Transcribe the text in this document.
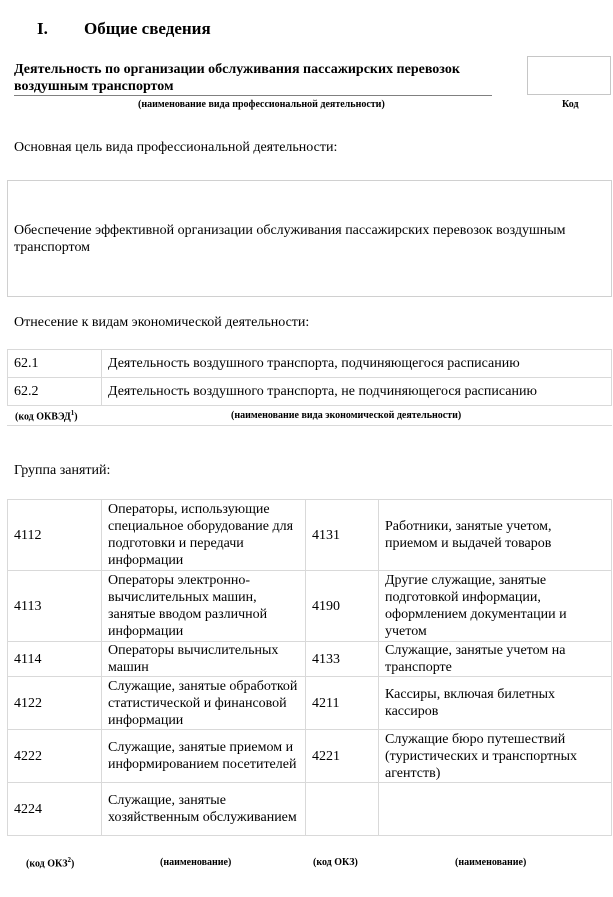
I. Общие сведения
Деятельность по организации обслуживания пассажирских перевозок воздушным транспортом
(наименование вида профессиональной деятельности)	Код
Основная цель вида профессиональной деятельности:
Обеспечение эффективной организации обслуживания пассажирских перевозок воздушным транспортом
Отнесение к видам экономической деятельности:
62.1	Деятельность воздушного транспорта, подчиняющегося расписанию
62.2	Деятельность воздушного транспорта, не подчиняющегося расписанию
(код ОКВЭД$^1$)	(наименование вида экономической деятельности)
Группа занятий:
4112	Операторы, использующие специальное оборудование для подготовки и передачи информации	4131	Работники, занятые учетом, приемом и выдачей товаров
4113	Операторы электронно-вычислительных машин, занятые вводом различной информации	4190	Другие служащие, занятые подготовкой информации, оформлением документации и учетом
4114	Операторы вычислительных машин	4133	Служащие, занятые учетом на транспорте
4122	Служащие, занятые обработкой статистической и финансовой информации	4211	Кассиры, включая билетных кассиров
4222	Служащие, занятые приемом и информированием посетителей	4221	Служащие бюро путешествий (туристических и транспортных агентств)
4224	Служащие, занятые хозяйственным обслуживанием		
(код ОКЗ$^2$)	(наименование)	(код ОКЗ)	(наименование)
